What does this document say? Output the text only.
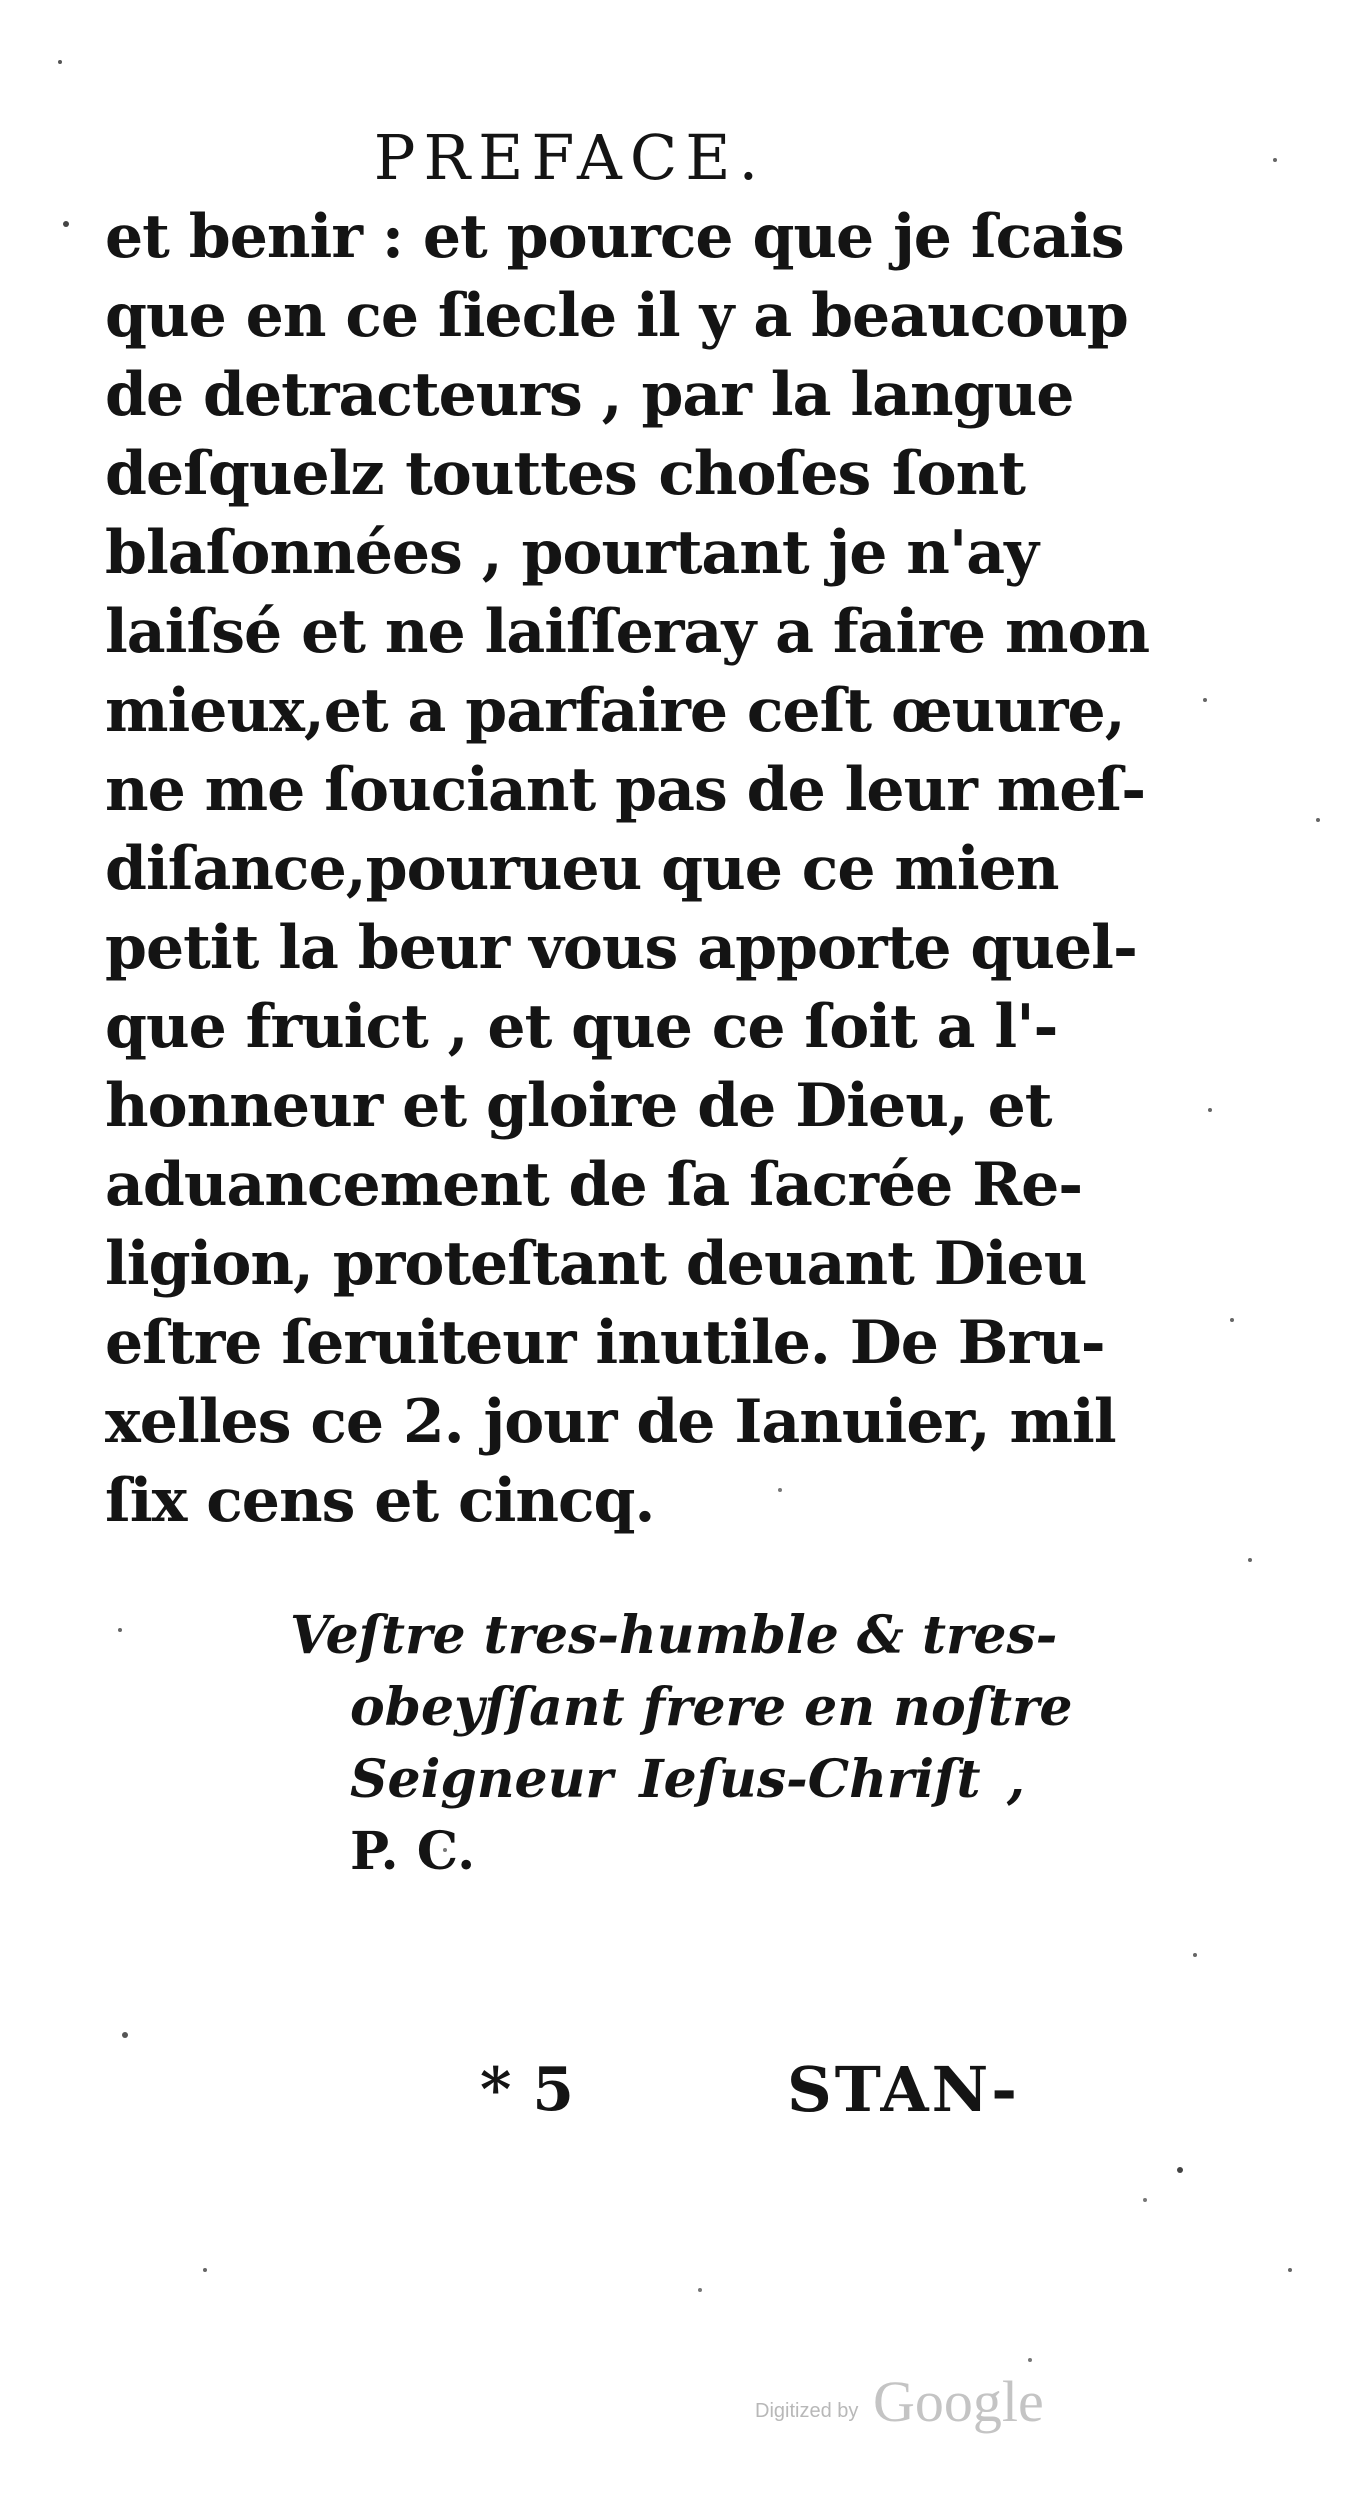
PREFACE.
et benir : et pource que je ſcais
que en ce ſiecle il y a beaucoup
de detracteurs , par la langue
deſquelz touttes choſes ſont
blaſonnées , pourtant je n'ay
laiſsé et ne laiſſeray a faire mon
mieux,et a parfaire ceſt œuure,
ne me ſouciant pas de leur meſ-
diſance,pourueu que ce mien
petit la beur vous apporte quel-
que fruict , et que ce ſoit a l'-
honneur et gloire de Dieu, et
aduancement de ſa ſacrée Re-
ligion, proteſtant deuant Dieu
eſtre ſeruiteur inutile. De Bru-
xelles ce 2. jour de Ianuier, mil
ſix cens et cincq.
Veſtre tres-humble & tres-
obeyſſant frere en noſtre
Seigneur Ieſus-Chriſt ,
P. C.
* 5	STAN-
Digitized by Google
